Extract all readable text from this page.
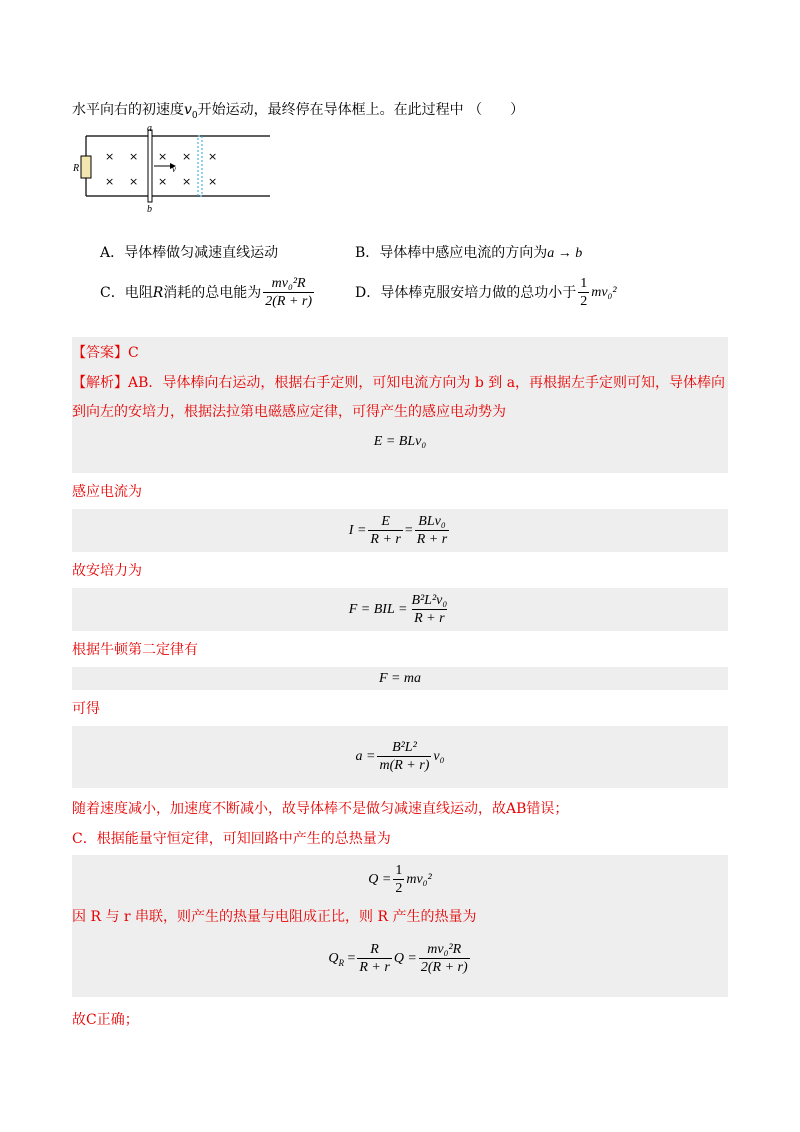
水平向右的初速度$v_0$开始运动，最终停在导体框上。在此过程中 （　　）
R
a
b
v
× ×
× ×
× ×
× ×
×
×
A．导体棒做匀减速直线运动	B．导体棒中感应电流的方向为a → b
C．电阻 R 消耗的总电能为 $\frac{\text{mv₀²R}}{2(R + r)}$	D．导体棒克服安培力做的总功小于 $\frac{1}{2} mv_0^2$
【答案】C
【解析】AB．导体棒向右运动，根据右手定则，可知电流方向为 b 到 a，再根据左手定则可知，导体棒向
到向左的安培力，根据法拉第电磁感应定律，可得产生的感应电动势为
E = BLv₀
感应电流为
$I = \frac{E}{R + r} = \frac{\text{BLv₀}}{R + r}$
故安培力为
F = BIL = $\frac{\text{B²L²v₀}}{R + r}$
根据牛顿第二定律有
F = ma
可得
$a = \frac{\text{B²L²}}{m(R + r)} v_0$
随着速度减小，加速度不断减小，故导体棒不是做匀减速直线运动，故AB错误；
C．根据能量守恒定律，可知回路中产生的总热量为
$Q = \frac{1}{2} mv_0^2$
因 R 与 r 串联，则产生的热量与电阻成正比，则 R 产生的热量为
$Q_R = \frac{R}{R + r}$ $Q = \frac{\text{mv₀²R}}{2(R + r)}$
故C正确；
